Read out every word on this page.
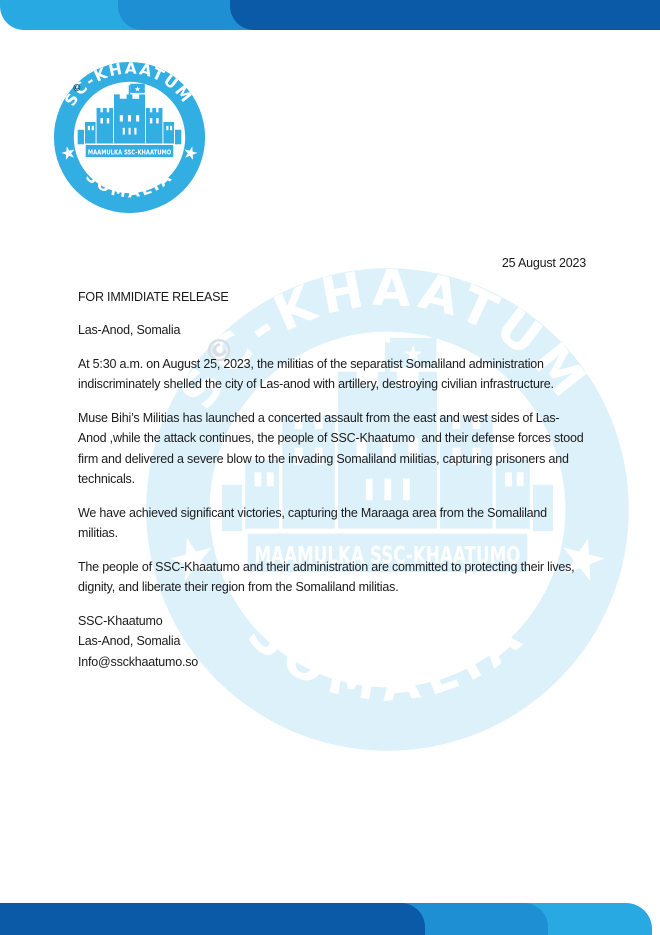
25 August 2023
FOR IMMIDIATE RELEASE
Las-Anod, Somalia

At 5:30 a.m. on August 25, 2023, the militias of the separatist Somaliland administration indiscriminately shelled the city of Las-anod with artillery, destroying civilian infrastructure.

Muse Bihi’s Militias has launched a concerted assault from the east and west sides of Las-Anod ,while the attack continues, the people of SSC-Khaatumo  and their defense forces stood firm and delivered a severe blow to the invading Somaliland militias, capturing prisoners and technicals.

We have achieved significant victories, capturing the Maraaga area from the Somaliland militias.

The people of SSC-Khaatumo and their administration are committed to protecting their lives, dignity, and liberate their region from the Somaliland militias.

SSC-Khaatumo
Las-Anod, Somalia
Info@ssckhaatumo.so
